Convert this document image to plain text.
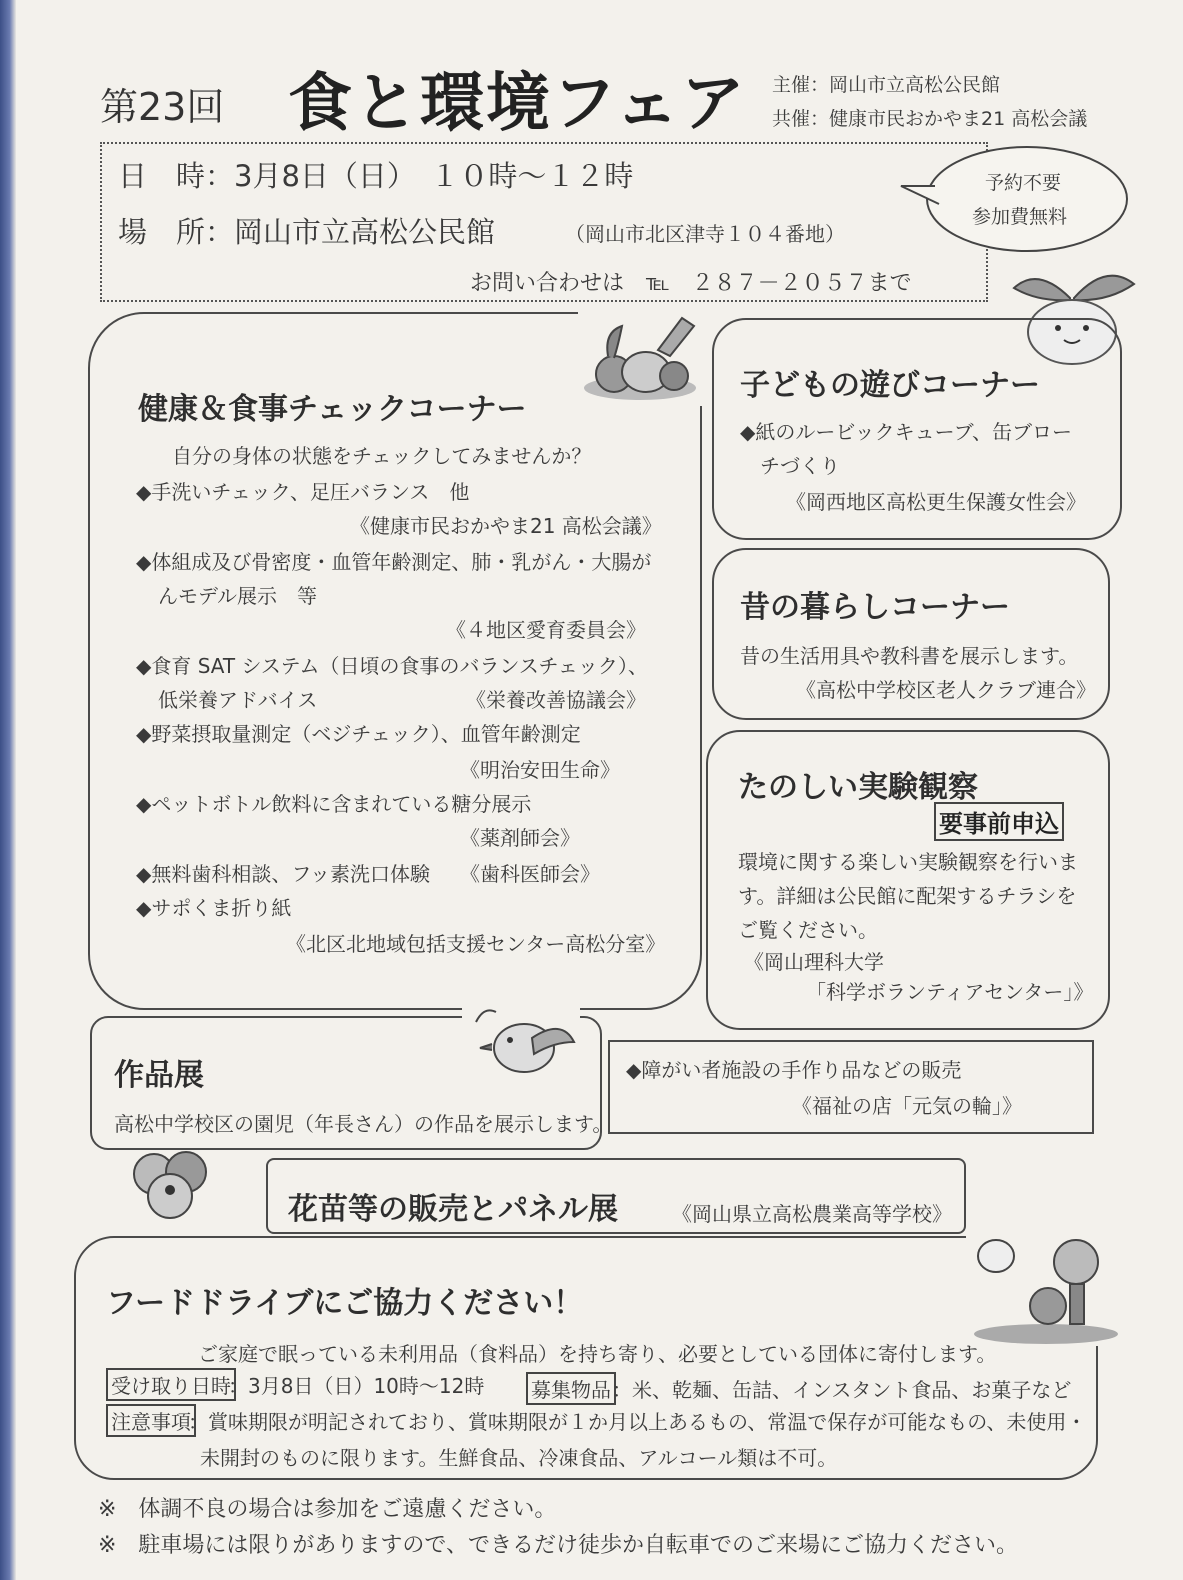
第23回 食と環境フェア 主催：岡山市立高松公民館
共催：健康市民おかやま21 高松会議
日　時：3月8日（日）　１０時～１２時
場　所：岡山市立高松公民館	（岡山市北区津寺１０４番地）
お問い合わせは　℡　２８７－２０５７まで
予約不要
参加費無料
健康＆食事チェックコーナー
自分の身体の状態をチェックしてみませんか？
◆手洗いチェック、足圧バランス　他
《健康市民おかやま21 高松会議》
◆体組成及び骨密度・血管年齢測定、肺・乳がん・大腸が
んモデル展示　等
《４地区愛育委員会》
◆食育 SAT システム（日頃の食事のバランスチェック）、
低栄養アドバイス	《栄養改善協議会》
◆野菜摂取量測定（ベジチェック）、血管年齢測定
《明治安田生命》
◆ペットボトル飲料に含まれている糖分展示
《薬剤師会》
◆無料歯科相談、フッ素洗口体験 《歯科医師会》
◆サポくま折り紙
《北区北地域包括支援センター高松分室》
子どもの遊びコーナー
◆紙のルービックキューブ、缶ブロー
チづくり
《岡西地区高松更生保護女性会》
昔の暮らしコーナー
昔の生活用具や教科書を展示します。
《高松中学校区老人クラブ連合》
たのしい実験観察
要事前申込
環境に関する楽しい実験観察を行いま
す。詳細は公民館に配架するチラシを
ご覧ください。
《岡山理科大学
「科学ボランティアセンター」》
作品展
高松中学校区の園児（年長さん）の作品を展示します。
◆障がい者施設の手作り品などの販売
《福祉の店「元気の輪」》
花苗等の販売とパネル展	《岡山県立高松農業高等学校》
フードドライブにご協力ください！
ご家庭で眠っている未利用品（食料品）を持ち寄り、必要としている団体に寄付します。
受け取り日時
：3月8日（日）10時～12時 募集物品 ：米、乾麺、缶詰、インスタント食品、お菓子など
注意事項
：賞味期限が明記されており、賞味期限が１か月以上あるもの、常温で保存が可能なもの、未使用・
未開封のものに限ります。生鮮食品、冷凍食品、アルコール類は不可。
※　体調不良の場合は参加をご遠慮ください。
※　駐車場には限りがありますので、できるだけ徒歩か自転車でのご来場にご協力ください。
